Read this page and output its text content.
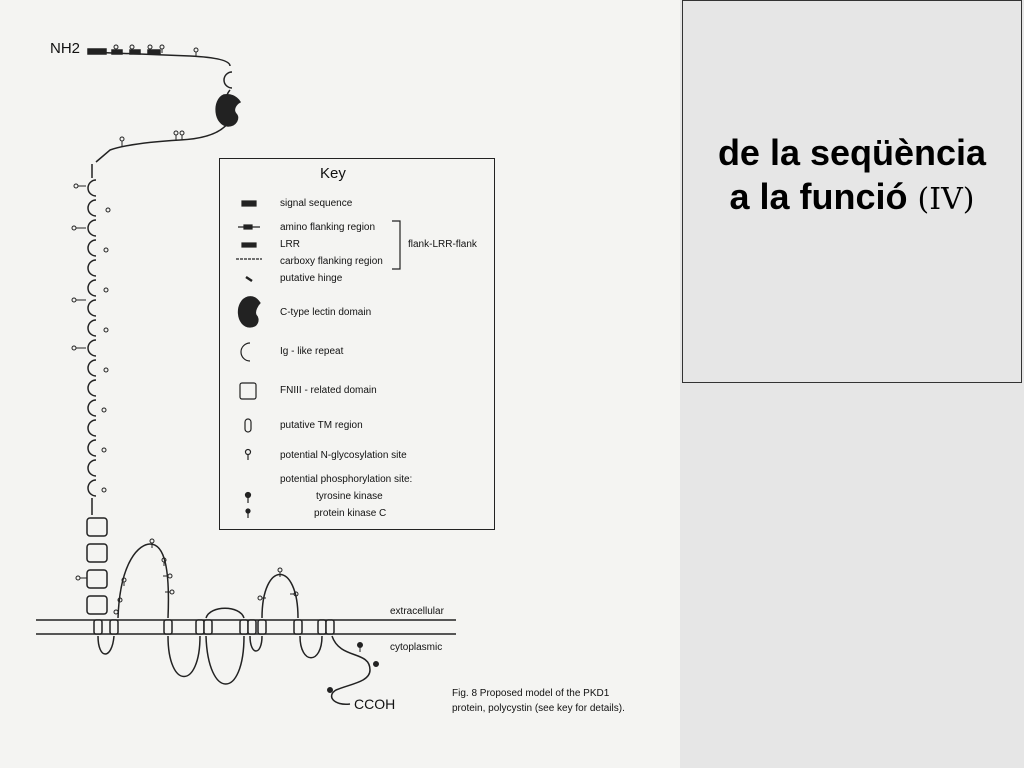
NH2
extracellular
cytoplasmic
CCOH
Fig. 8 Proposed model of the PKD1
protein, polycystin (see key for details).
Key
signal sequence
amino flanking region
LRR
carboxy flanking region
putative hinge
C-type lectin domain
Ig - like repeat
FNIII - related domain
putative TM region
potential N-glycosylation site
potential phosphorylation site:
tyrosine kinase
protein kinase C
flank-LRR-flank
de la seqüència
a la funció (IV)
